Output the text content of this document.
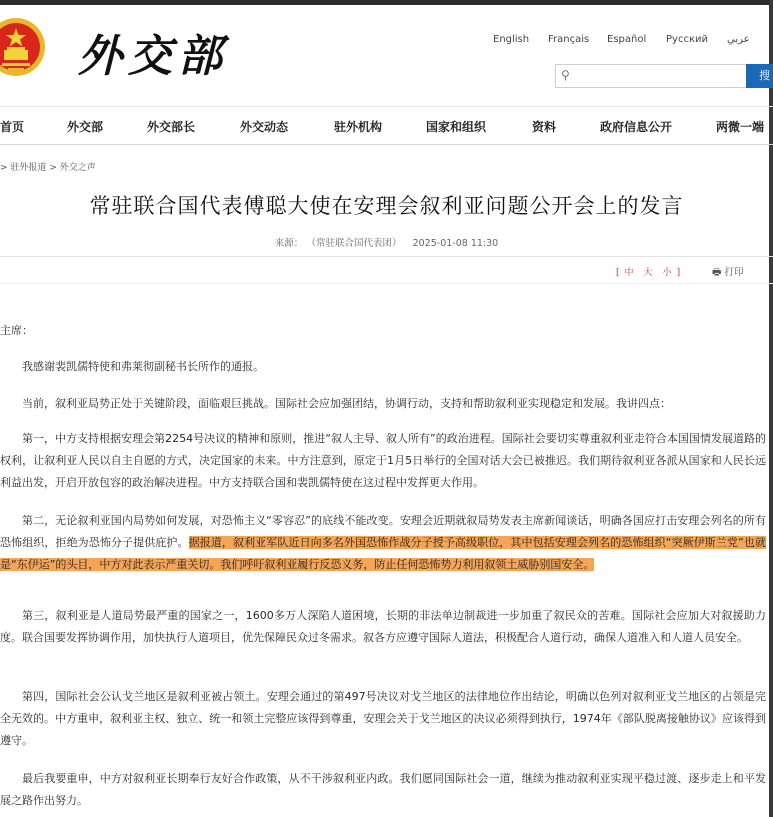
外交部	English Français Español Русский عربي
⚲	搜
首页	外交部	外交部长	外交动态	驻外机构	国家和组织	资料	政府信息公开	两微一端
> 驻外报道 > 外交之声
常驻联合国代表傅聪大使在安理会叙利亚问题公开会上的发言
来源： （常驻联合国代表团） 2025-01-08 11:30
[ 中 大 小 ]	🖶 打印
主席：
我感谢裴凯儒特使和弗莱彻副秘书长所作的通报。
当前，叙利亚局势正处于关键阶段，面临艰巨挑战。国际社会应加强团结，协调行动，支持和帮助叙利亚实现稳定和发展。我讲四点：
第一，中方支持根据安理会第2254号决议的精神和原则，推进“叙人主导、叙人所有”的政治进程。国际社会要切实尊重叙利亚走符合本国国情发展道路的权利，让叙利亚人民以自主自愿的方式，决定国家的未来。中方注意到，原定于1月5日举行的全国对话大会已被推迟。我们期待叙利亚各派从国家和人民长远利益出发，开启开放包容的政治解决进程。中方支持联合国和裴凯儒特使在这过程中发挥更大作用。
第二，无论叙利亚国内局势如何发展，对恐怖主义“零容忍”的底线不能改变。安理会近期就叙局势发表主席新闻谈话，明确各国应打击安理会列名的所有恐怖组织，拒绝为恐怖分子提供庇护。据报道，叙利亚军队近日向多名外国恐怖作战分子授予高级职位，其中包括安理会列名的恐怖组织“突厥伊斯兰党”也就是“东伊运”的头目，中方对此表示严重关切。我们呼吁叙利亚履行反恐义务，防止任何恐怖势力利用叙领土威胁别国安全。
第三，叙利亚是人道局势最严重的国家之一，1600多万人深陷人道困境，长期的非法单边制裁进一步加重了叙民众的苦难。国际社会应加大对叙援助力度。联合国要发挥协调作用，加快执行人道项目，优先保障民众过冬需求。叙各方应遵守国际人道法，积极配合人道行动，确保人道准入和人道人员安全。
第四，国际社会公认戈兰地区是叙利亚被占领土。安理会通过的第497号决议对戈兰地区的法律地位作出结论，明确以色列对叙利亚戈兰地区的占领是完全无效的。中方重申，叙利亚主权、独立、统一和领土完整应该得到尊重，安理会关于戈兰地区的决议必须得到执行，1974年《部队脱离接触协议》应该得到遵守。
最后我要重申，中方对叙利亚长期奉行友好合作政策，从不干涉叙利亚内政。我们愿同国际社会一道，继续为推动叙利亚实现平稳过渡、逐步走上和平发展之路作出努力。
